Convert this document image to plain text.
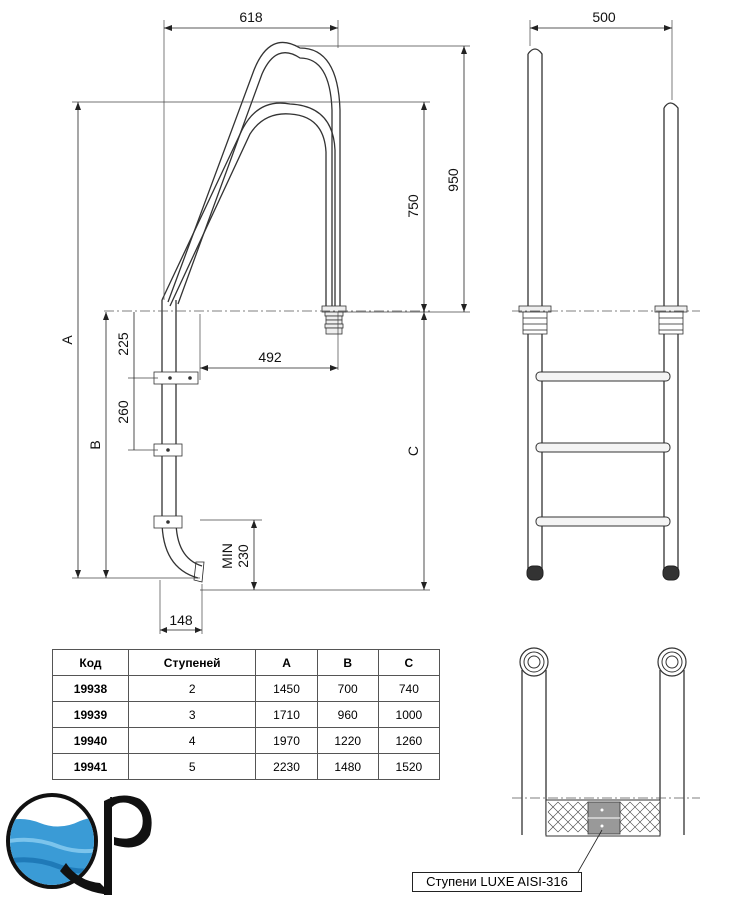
618
950
750
A
B
C
225
260
492
MIN 230
148
500
Код	Ступеней	A	B	C
19938	2	1450	700	740
19939	3	1710	960	1000
19940	4	1970	1220	1260
19941	5	2230	1480	1520
Ступени LUXE AISI-316
